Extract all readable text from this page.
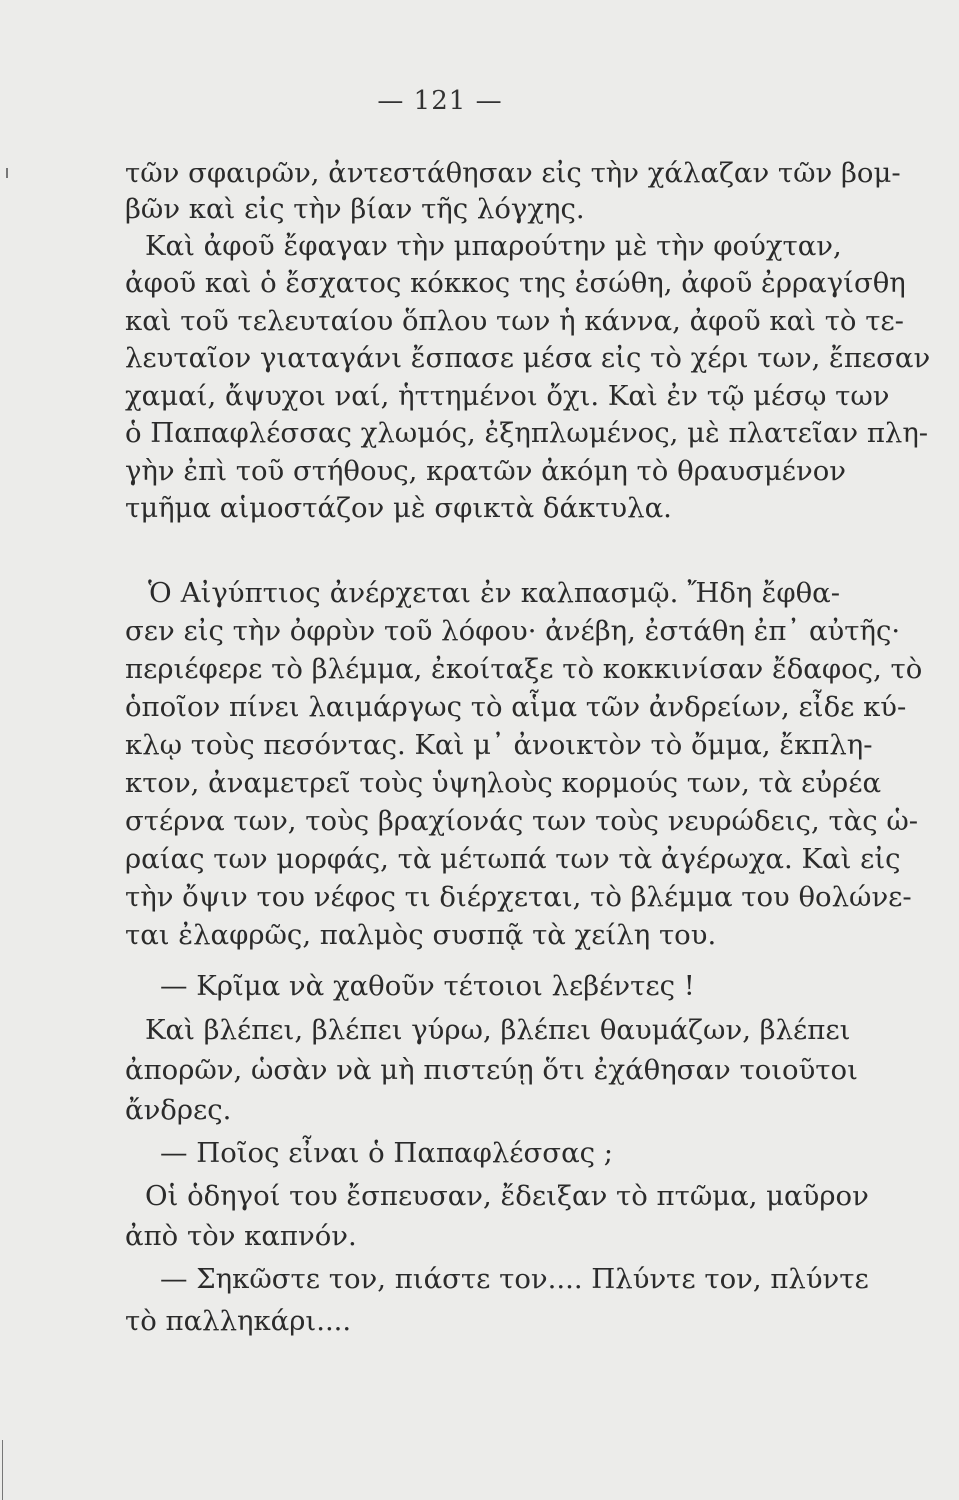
— 121 —
τῶν σφαιρῶν, ἀντεστάθησαν εἰς τὴν χάλαζαν τῶν βομ-
βῶν καὶ εἰς τὴν βίαν τῆς λόγχης.
Καὶ ἀφοῦ ἔφαγαν τὴν μπαρούτην μὲ τὴν φούχταν,
ἀφοῦ καὶ ὁ ἔσχατος κόκκος της ἐσώθη, ἀφοῦ ἐρραγίσθη
καὶ τοῦ τελευταίου ὅπλου των ἡ κάννα, ἀφοῦ καὶ τὸ τε-
λευταῖον γιαταγάνι ἔσπασε μέσα εἰς τὸ χέρι των, ἔπεσαν
χαμαί, ἄψυχοι ναί, ἡττημένοι ὄχι. Καὶ ἐν τῷ μέσῳ των
ὁ Παπαφλέσσας χλωμός, ἐξηπλωμένος, μὲ πλατεῖαν πλη-
γὴν ἐπὶ τοῦ στήθους, κρατῶν ἀκόμη τὸ θραυσμένον
τμῆμα αἱμοστάζον μὲ σφικτὰ δάκτυλα.
Ὁ Αἰγύπτιος ἀνέρχεται ἐν καλπασμῷ. Ἤδη ἔφθα-
σεν εἰς τὴν ὀφρὺν τοῦ λόφου· ἀνέβη, ἐστάθη ἐπ᾽ αὐτῆς·
περιέφερε τὸ βλέμμα, ἐκοίταξε τὸ κοκκινίσαν ἔδαφος, τὸ
ὁποῖον πίνει λαιμάργως τὸ αἷμα τῶν ἀνδρείων, εἶδε κύ-
κλῳ τοὺς πεσόντας. Καὶ μ᾽ ἀνοικτὸν τὸ ὄμμα, ἔκπλη-
κτον, ἀναμετρεῖ τοὺς ὑψηλοὺς κορμούς των, τὰ εὐρέα
στέρνα των, τοὺς βραχίονάς των τοὺς νευρώδεις, τὰς ὡ-
ραίας των μορφάς, τὰ μέτωπά των τὰ ἀγέρωχα. Καὶ εἰς
τὴν ὄψιν του νέφος τι διέρχεται, τὸ βλέμμα του θολώνε-
ται ἐλαφρῶς, παλμὸς συσπᾷ τὰ χείλη του.
— Κρῖμα νὰ χαθοῦν τέτοιοι λεβέντες !
Καὶ βλέπει, βλέπει γύρω, βλέπει θαυμάζων, βλέπει
ἀπορῶν, ὡσὰν νὰ μὴ πιστεύῃ ὅτι ἐχάθησαν τοιοῦτοι
ἄνδρες.
— Ποῖος εἶναι ὁ Παπαφλέσσας ;
Οἱ ὁδηγοί του ἔσπευσαν, ἔδειξαν τὸ πτῶμα, μαῦρον
ἀπὸ τὸν καπνόν.
— Σηκῶστε τον, πιάστε τον.... Πλύντε τον, πλύντε
τὸ παλληκάρι....
